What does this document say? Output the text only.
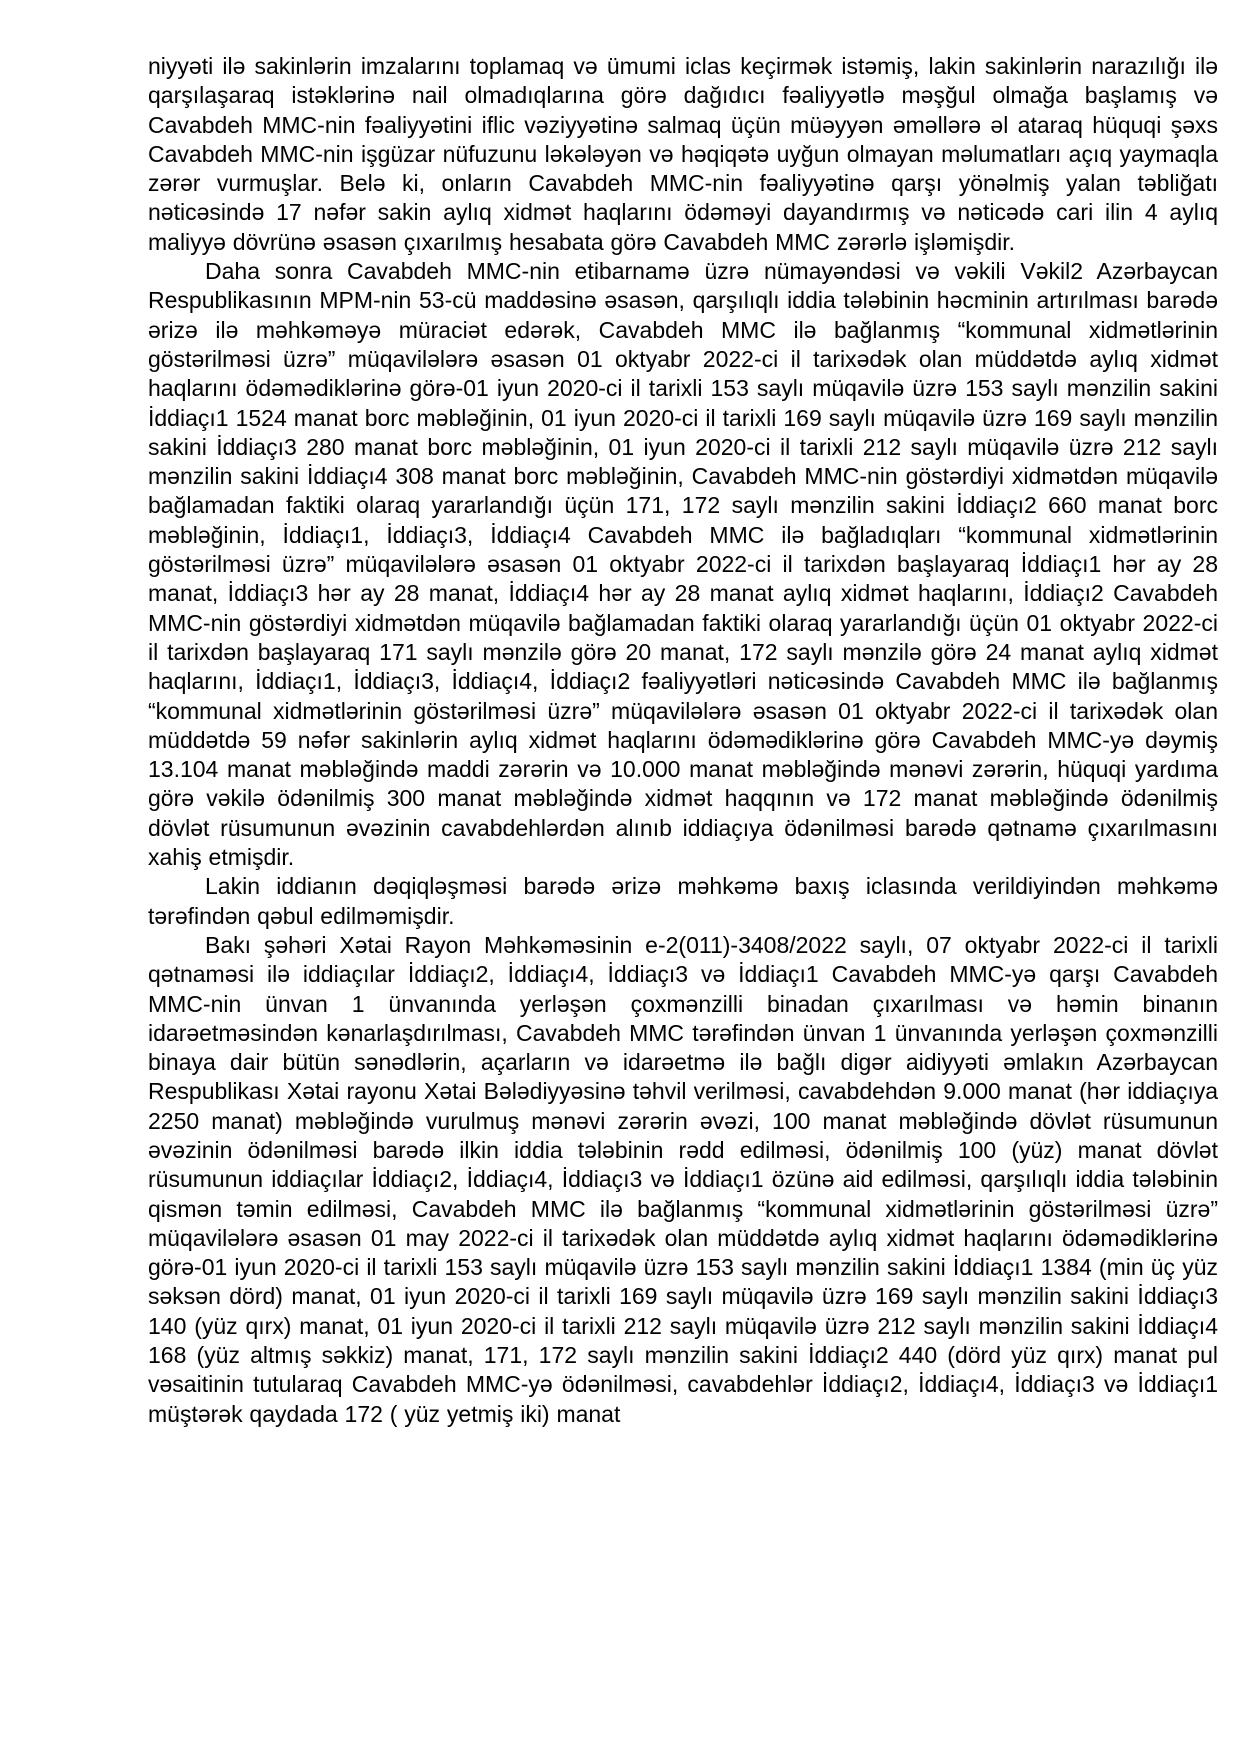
niyyəti ilə sakinlərin imzalarını toplamaq və ümumi iclas keçirmək istəmiş, lakin sakinlərin narazılığı ilə qarşılaşaraq istəklərinə nail olmadıqlarına görə dağıdıcı fəaliyyətlə məşğul olmağa başlamış və Cavabdeh MMC-nin fəaliyyətini iflic vəziyyətinə salmaq üçün müəyyən əməllərə əl ataraq hüquqi şəxs Cavabdeh MMC-nin işgüzar nüfuzunu ləkələyən və həqiqətə uyğun olmayan məlumatları açıq yaymaqla zərər vurmuşlar. Belə ki, onların Cavabdeh MMC-nin fəaliyyətinə qarşı yönəlmiş yalan təbliğatı nəticəsində 17 nəfər sakin aylıq xidmət haqlarını ödəməyi dayandırmış və nəticədə cari ilin 4 aylıq maliyyə dövrünə əsasən çıxarılmış hesabata görə Cavabdeh MMC zərərlə işləmişdir.

Daha sonra Cavabdeh MMC-nin etibarnamə üzrə nümayəndəsi və vəkili Vəkil2 Azərbaycan Respublikasının MPM-nin 53-cü maddəsinə əsasən, qarşılıqlı iddia tələbinin həcminin artırılması barədə ərizə ilə məhkəməyə müraciət edərək, Cavabdeh MMC ilə bağlanmış “kommunal xidmətlərinin göstərilməsi üzrə” müqavilələrə əsasən 01 oktyabr 2022-ci il tarixədək olan müddətdə aylıq xidmət haqlarını ödəmədiklərinə görə-01 iyun 2020-ci il tarixli 153 saylı müqavilə üzrə 153 saylı mənzilin sakini İddiaçı1 1524 manat borc məbləğinin, 01 iyun 2020-ci il tarixli 169 saylı müqavilə üzrə 169 saylı mənzilin sakini İddiaçı3 280 manat borc məbləğinin, 01 iyun 2020-ci il tarixli 212 saylı müqavilə üzrə 212 saylı mənzilin sakini İddiaçı4 308 manat borc məbləğinin, Cavabdeh MMC-nin göstərdiyi xidmətdən müqavilə bağlamadan faktiki olaraq yararlandığı üçün 171, 172 saylı mənzilin sakini İddiaçı2 660 manat borc məbləğinin, İddiaçı1, İddiaçı3, İddiaçı4 Cavabdeh MMC ilə bağladıqları “kommunal xidmətlərinin göstərilməsi üzrə” müqavilələrə əsasən 01 oktyabr 2022-ci il tarixdən başlayaraq İddiaçı1 hər ay 28 manat, İddiaçı3 hər ay 28 manat, İddiaçı4 hər ay 28 manat aylıq xidmət haqlarını, İddiaçı2 Cavabdeh MMC-nin göstərdiyi xidmətdən müqavilə bağlamadan faktiki olaraq yararlandığı üçün 01 oktyabr 2022-ci il tarixdən başlayaraq 171 saylı mənzilə görə 20 manat, 172 saylı mənzilə görə 24 manat aylıq xidmət haqlarını, İddiaçı1, İddiaçı3, İddiaçı4, İddiaçı2 fəaliyyətləri nəticəsində Cavabdeh MMC ilə bağlanmış “kommunal xidmətlərinin göstərilməsi üzrə” müqavilələrə əsasən 01 oktyabr 2022-ci il tarixədək olan müddətdə 59 nəfər sakinlərin aylıq xidmət haqlarını ödəmədiklərinə görə Cavabdeh MMC-yə dəymiş 13.104 manat məbləğində maddi zərərin və 10.000 manat məbləğində mənəvi zərərin, hüquqi yardıma görə vəkilə ödənilmiş 300 manat məbləğində xidmət haqqının və 172 manat məbləğində ödənilmiş dövlət rüsumunun əvəzinin cavabdehlərdən alınıb iddiaçıya ödənilməsi barədə qətnamə çıxarılmasını xahiş etmişdir.

Lakin iddianın dəqiqləşməsi barədə ərizə məhkəmə baxış iclasında verildiyindən məhkəmə tərəfindən qəbul edilməmişdir.

Bakı şəhəri Xətai Rayon Məhkəməsinin e-2(011)-3408/2022 saylı, 07 oktyabr 2022-ci il tarixli qətnaməsi ilə iddiaçılar İddiaçı2, İddiaçı4, İddiaçı3 və İddiaçı1 Cavabdeh MMC-yə qarşı Cavabdeh MMC-nin ünvan 1 ünvanında yerləşən çoxmənzilli binadan çıxarılması və həmin binanın idarəetməsindən kənarlaşdırılması, Cavabdeh MMC tərəfindən ünvan 1 ünvanında yerləşən çoxmənzilli binaya dair bütün sənədlərin, açarların və idarəetmə ilə bağlı digər aidiyyəti əmlakın Azərbaycan Respublikası Xətai rayonu Xətai Bələdiyyəsinə təhvil verilməsi, cavabdehdən 9.000 manat (hər iddiaçıya 2250 manat) məbləğində vurulmuş mənəvi zərərin əvəzi, 100 manat məbləğində dövlət rüsumunun əvəzinin ödənilməsi barədə ilkin iddia tələbinin rədd edilməsi, ödənilmiş 100 (yüz) manat dövlət rüsumunun iddiaçılar İddiaçı2, İddiaçı4, İddiaçı3 və İddiaçı1 özünə aid edilməsi, qarşılıqlı iddia tələbinin qismən təmin edilməsi, Cavabdeh MMC ilə bağlanmış “kommunal xidmətlərinin göstərilməsi üzrə” müqavilələrə əsasən 01 may 2022-ci il tarixədək olan müddətdə aylıq xidmət haqlarını ödəmədiklərinə görə-01 iyun 2020-ci il tarixli 153 saylı müqavilə üzrə 153 saylı mənzilin sakini İddiaçı1 1384 (min üç yüz səksən dörd) manat, 01 iyun 2020-ci il tarixli 169 saylı müqavilə üzrə 169 saylı mənzilin sakini İddiaçı3 140 (yüz qırx) manat, 01 iyun 2020-ci il tarixli 212 saylı müqavilə üzrə 212 saylı mənzilin sakini İddiaçı4 168 (yüz altmış səkkiz) manat, 171, 172 saylı mənzilin sakini İddiaçı2 440 (dörd yüz qırx) manat pul vəsaitinin tutularaq Cavabdeh MMC-yə ödənilməsi, cavabdehlər İddiaçı2, İddiaçı4, İddiaçı3 və İddiaçı1 müştərək qaydada 172 ( yüz yetmiş iki) manat
